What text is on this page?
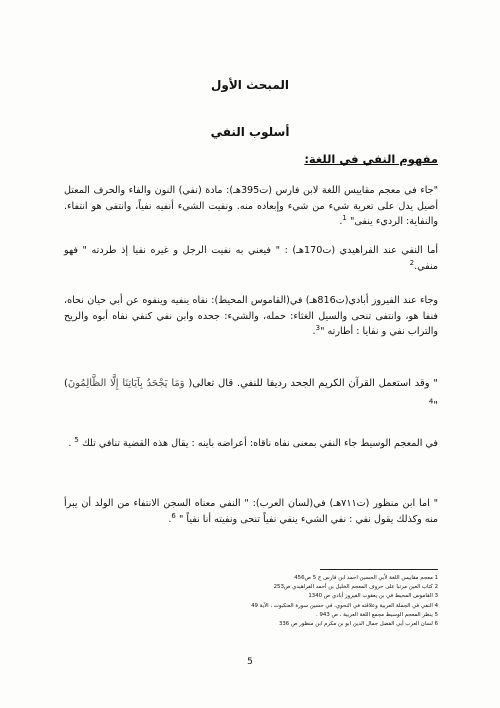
المبحث الأول
أسلوب النفي
مفهوم النفي في اللغة:
"جاء في معجم مقاييس اللغة لابن فارس (ت395هـ): مادة (نفي) النون والفاء والحرف المعتل أصيل يدل على تعرية شيء من شيء وإبعاده منه. ونفيت الشيء أنفيه نفياً، وانتفى هو انتفاء. والنفاية: الرديء ينفى" $^1$.
أما النفي عند الفراهيدي (ت170هـ) : " فيعني به نفيت الرجل و غيره نفيا إذ طردته " فهو منفي.$^2$
وجاء عند الفيروز أبادي(ت816هـ) في(القاموس المحيط): نفاه ينفيه وينفوه عن أبي حيان نحاه، فنفا هو، وانتفى تنحى والسيل الغثاء: حمله، والشيء: جحده وابن نفي كنفي نفاه أبوه والريح والتراب نفي و نفايا : أطارته "$^3$.
" وقد استعمل القرآن الكريم الجحد رديفا للنفي. قال تعالى( وَمَا يَجْحَدُ بِآيَاتِنَا إِلَّا الظَّالِمُونَ) "$^4$
في المعجم الوسيط جاء النفي بمعنى نفاه ناقاه: أعراضه باينه : يقال هذه القضية تنافي تلك $^5$ .
" اما ابن منظور (ت٧١١هـ) في(لسان العرب): " النفي معناه السجن الانتفاء من الولد أن يبرأ منه وكذلك يقول نفي : نفي الشيء ينفي نفياً تنحى ونفيته أنا نفياً " $^6$.
1 معجم مقاييس اللغة لأبي الحسين احمد ابن فارس ج 5 ص456
2 كتاب العين مرتبا على حروف المعجم الخليل بن أحمد الفراهيدي ص253
3 القاموس المحيط في بن يعقوب الفيروز أبادي ص 1340
4 النفي في الجملة العربية وعلاقته في النحوي، في حسين سورة العنكبوت ، الآية 49
5 ينظر المعجم الوسيط مجمع اللغة العربية ، ص 943 .
6 لسان العرب أبي الفضل جمال الدين ابو بن مكرم ابن منظور ص 336
5
